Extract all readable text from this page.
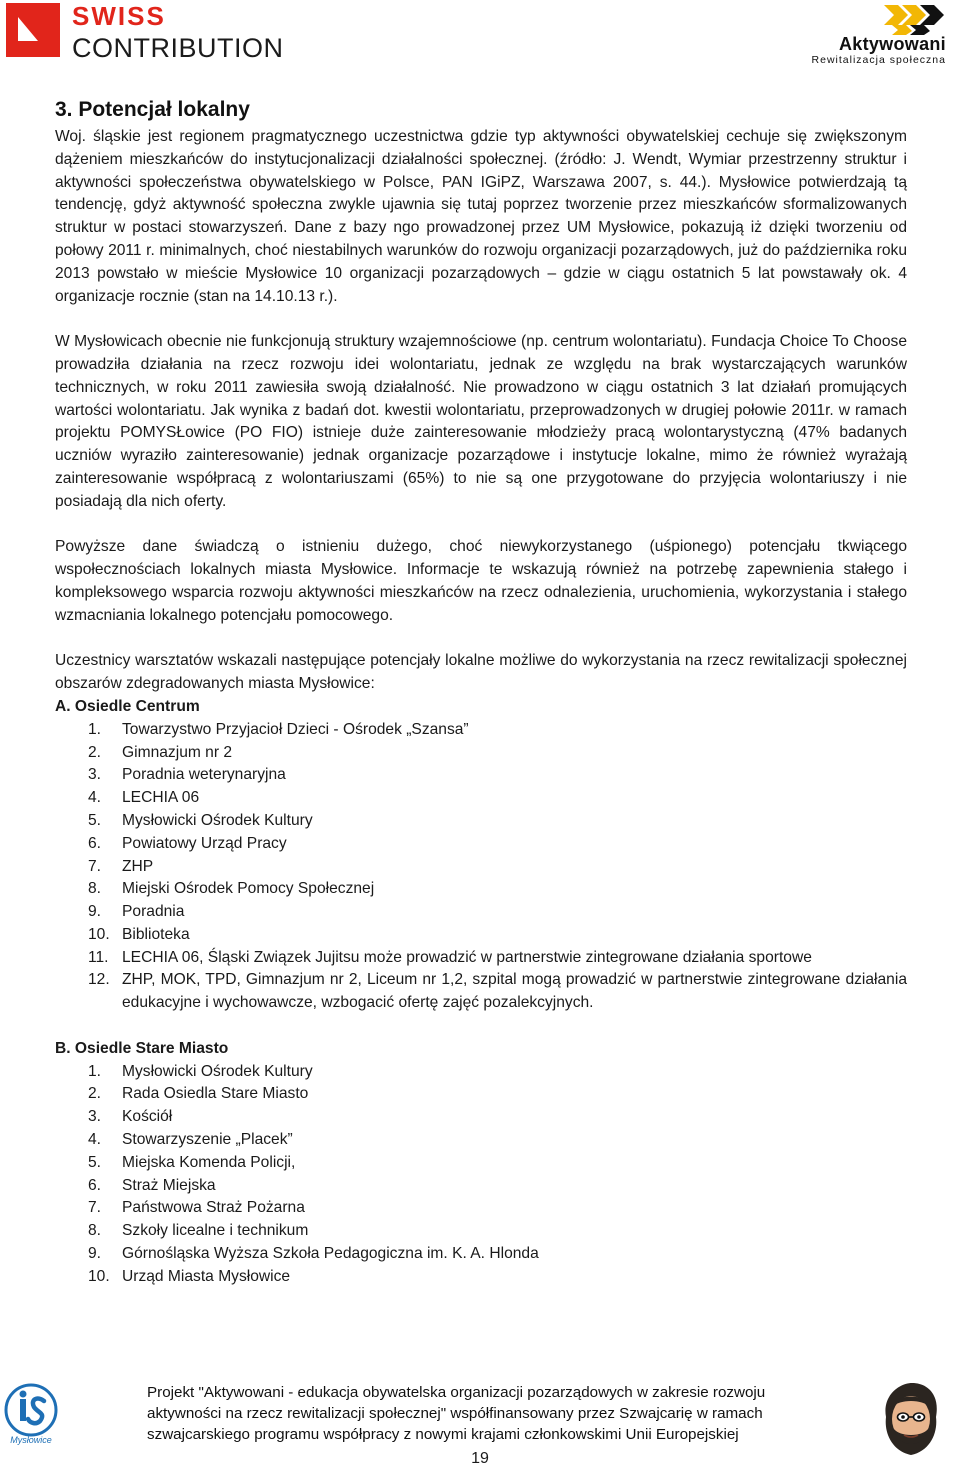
SWISS
CONTRIBUTION	Aktywowani
Rewitalizacja społeczna
3. Potencjał lokalny

Woj. śląskie jest regionem pragmatycznego uczestnictwa gdzie typ aktywności obywatelskiej cechuje się zwiększonym dążeniem mieszkańców do instytucjonalizacji działalności społecznej. (źródło: J. Wendt, Wymiar przestrzenny struktur i aktywności społeczeństwa obywatelskiego w Polsce, PAN IGiPZ, Warszawa 2007, s. 44.). Mysłowice potwierdzają tą tendencję, gdyż aktywność społeczna zwykle ujawnia się tutaj poprzez tworzenie przez mieszkańców sformalizowanych struktur w postaci stowarzyszeń. Dane z bazy ngo prowadzonej przez UM Mysłowice, pokazują iż dzięki tworzeniu od połowy 2011 r. minimalnych, choć niestabilnych warunków do rozwoju organizacji pozarządowych, już do października roku 2013 powstało w mieście Mysłowice 10 organizacji pozarządowych – gdzie w ciągu ostatnich 5 lat powstawały ok. 4 organizacje rocznie (stan na 14.10.13 r.).

W Mysłowicach obecnie nie funkcjonują struktury wzajemnościowe (np. centrum wolontariatu). Fundacja Choice To Choose prowadziła działania na rzecz rozwoju idei wolontariatu, jednak ze względu na brak wystarczających warunków technicznych, w roku 2011 zawiesiła swoją działalność. Nie prowadzono w ciągu ostatnich 3 lat działań promujących wartości wolontariatu. Jak wynika z badań dot. kwestii wolontariatu, przeprowadzonych w drugiej połowie 2011r. w ramach projektu POMYSŁowice (PO FIO) istnieje duże zainteresowanie młodzieży pracą wolontarystyczną (47% badanych uczniów wyraziło zainteresowanie) jednak organizacje pozarządowe i instytucje lokalne, mimo że również wyrażają zainteresowanie współpracą z wolontariuszami (65%) to nie są one przygotowane do przyjęcia wolontariuszy i nie posiadają dla nich oferty.

Powyższe dane świadczą o istnieniu dużego, choć niewykorzystanego (uśpionego) potencjału tkwiącego wspołecznościach lokalnych miasta Mysłowice. Informacje te wskazują również na potrzebę zapewnienia stałego i kompleksowego wsparcia rozwoju aktywności mieszkańców na rzecz odnalezienia, uruchomienia, wykorzystania i stałego wzmacniania lokalnego potencjału pomocowego.

Uczestnicy warsztatów wskazali następujące potencjały lokalne możliwe do wykorzystania na rzecz rewitalizacji społecznej obszarów zdegradowanych miasta Mysłowice:

A. Osiedle Centrum
1.	Towarzystwo Przyjacioł Dzieci - Ośrodek „Szansa”
2.	Gimnazjum nr 2
3.	Poradnia weterynaryjna
4.	LECHIA 06
5.	Mysłowicki Ośrodek Kultury
6.	Powiatowy Urząd Pracy
7.	ZHP
8.	Miejski Ośrodek Pomocy Społecznej
9.	Poradnia
10. Biblioteka
11. LECHIA 06, Śląski Związek Jujitsu może prowadzić w partnerstwie zintegrowane działania sportowe
12. ZHP, MOK, TPD, Gimnazjum nr 2, Liceum nr 1,2, szpital mogą prowadzić w partnerstwie zintegrowane działania edukacyjne i wychowawcze, wzbogacić ofertę zajęć pozalekcyjnych.
B. Osiedle Stare Miasto
1.	Mysłowicki Ośrodek Kultury
2.	Rada Osiedla Stare Miasto
3.	Kościół
4.	Stowarzyszenie „Placek”
5.	Miejska Komenda Policji,
6.	Straż Miejska
7.	Państwowa Straż Pożarna
8.	Szkoły licealne i technikum
9.	Górnośląska Wyższa Szkoła Pedagogiczna im. K. A. Hlonda
10. Urząd Miasta Mysłowice
Mysłowice
Projekt "Aktywowani - edukacja obywatelska organizacji pozarządowych w zakresie rozwoju
aktywności na rzecz rewitalizacji społecznej" współfinansowany przez Szwajcarię w ramach
szwajcarskiego programu współpracy z nowymi krajami członkowskimi Unii Europejskiej
19
